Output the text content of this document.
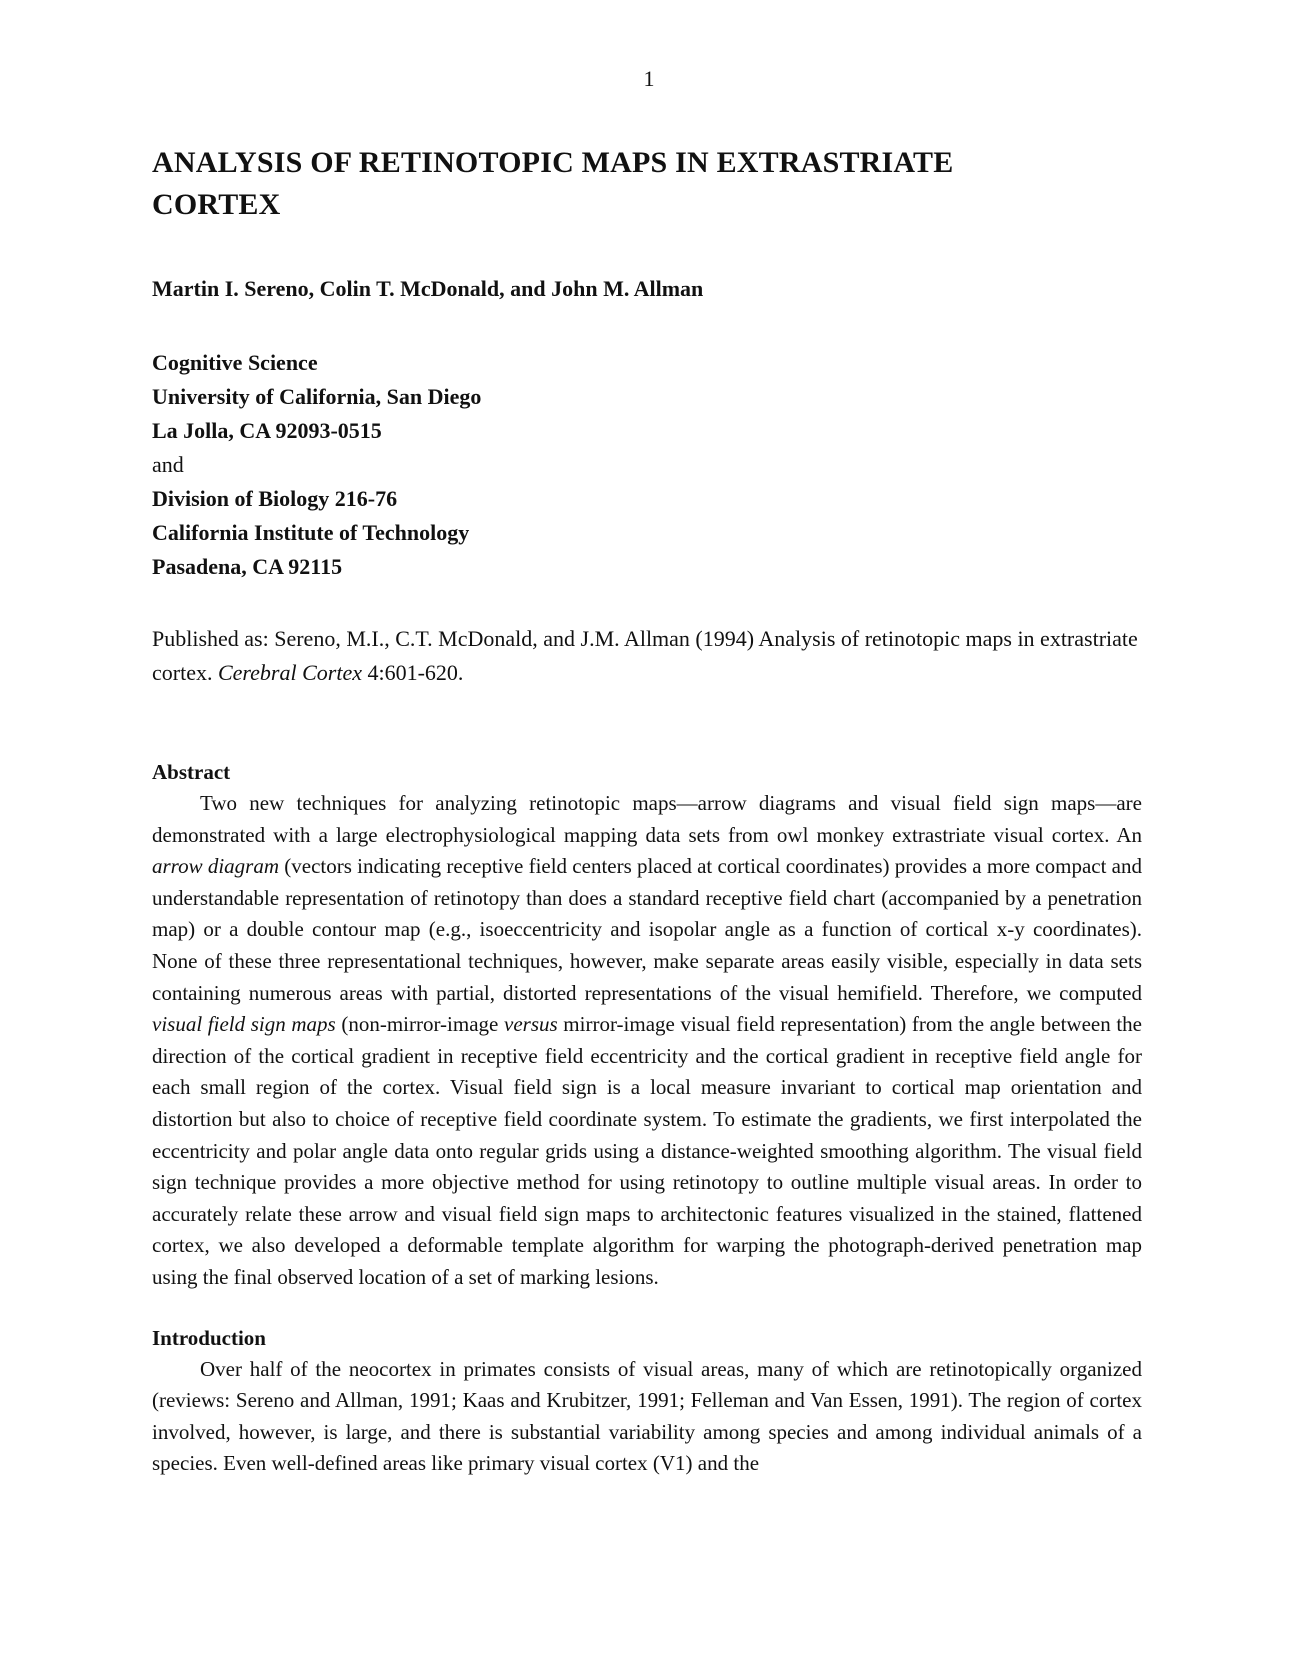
1
ANALYSIS OF RETINOTOPIC MAPS IN EXTRASTRIATE
CORTEX

Martin I. Sereno, Colin T. McDonald, and John M. Allman

Cognitive Science
University of California, San Diego
La Jolla, CA 92093-0515
and
Division of Biology 216-76
California Institute of Technology
Pasadena, CA 92115

Published as: Sereno, M.I., C.T. McDonald, and J.M. Allman (1994) Analysis of retinotopic maps in extrastriate cortex. Cerebral Cortex 4:601-620.

Abstract

Two new techniques for analyzing retinotopic maps—arrow diagrams and visual field sign maps—are demonstrated with a large electrophysiological mapping data sets from owl monkey extrastriate visual cortex. An arrow diagram (vectors indicating receptive field centers placed at cortical coordinates) provides a more compact and understandable representation of retinotopy than does a standard receptive field chart (accompanied by a penetration map) or a double contour map (e.g., isoeccentricity and isopolar angle as a function of cortical x-y coordinates). None of these three representational techniques, however, make separate areas easily visible, especially in data sets containing numerous areas with partial, distorted representations of the visual hemifield. Therefore, we computed visual field sign maps (non-mirror-image versus mirror-image visual field representation) from the angle between the direction of the cortical gradient in receptive field eccentricity and the cortical gradient in receptive field angle for each small region of the cortex. Visual field sign is a local measure invariant to cortical map orientation and distortion but also to choice of receptive field coordinate system. To estimate the gradients, we first interpolated the eccentricity and polar angle data onto regular grids using a distance-weighted smoothing algorithm. The visual field sign technique provides a more objective method for using retinotopy to outline multiple visual areas. In order to accurately relate these arrow and visual field sign maps to architectonic features visualized in the stained, flattened cortex, we also developed a deformable template algorithm for warping the photograph-derived penetration map using the final observed location of a set of marking lesions.

Introduction

Over half of the neocortex in primates consists of visual areas, many of which are retinotopically organized (reviews: Sereno and Allman, 1991; Kaas and Krubitzer, 1991; Felleman and Van Essen, 1991). The region of cortex involved, however, is large, and there is substantial variability among species and among individual animals of a species. Even well-defined areas like primary visual cortex (V1) and the
